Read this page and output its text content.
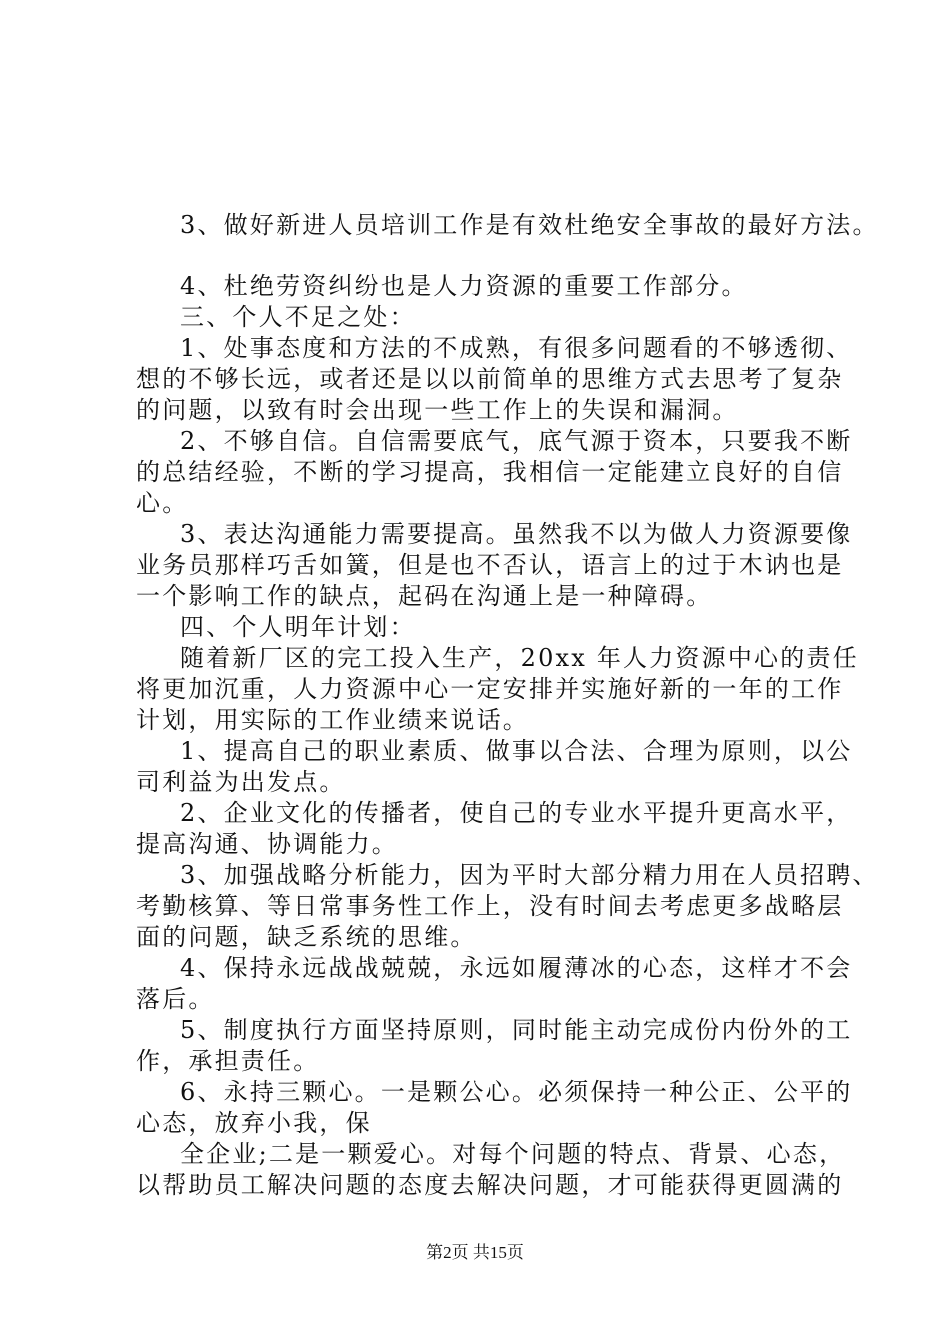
3、做好新进人员培训工作是有效杜绝安全事故的最好方法。
4、杜绝劳资纠纷也是人力资源的重要工作部分。
三、个人不足之处：
1、处事态度和方法的不成熟，有很多问题看的不够透彻、
想的不够长远，或者还是以以前简单的思维方式去思考了复杂
的问题，以致有时会出现一些工作上的失误和漏洞。
2、不够自信。自信需要底气，底气源于资本，只要我不断
的总结经验，不断的学习提高，我相信一定能建立良好的自信
心。
3、表达沟通能力需要提高。虽然我不以为做人力资源要像
业务员那样巧舌如簧，但是也不否认，语言上的过于木讷也是
一个影响工作的缺点，起码在沟通上是一种障碍。
四、个人明年计划：
随着新厂区的完工投入生产，20xx 年人力资源中心的责任
将更加沉重，人力资源中心一定安排并实施好新的一年的工作
计划，用实际的工作业绩来说话。
1、提高自己的职业素质、做事以合法、合理为原则，以公
司利益为出发点。
2、企业文化的传播者，使自己的专业水平提升更高水平，
提高沟通、协调能力。
3、加强战略分析能力，因为平时大部分精力用在人员招聘、
考勤核算、等日常事务性工作上，没有时间去考虑更多战略层
面的问题，缺乏系统的思维。
4、保持永远战战兢兢，永远如履薄冰的心态，这样才不会
落后。
5、制度执行方面坚持原则，同时能主动完成份内份外的工
作，承担责任。
6、永持三颗心。一是颗公心。必须保持一种公正、公平的
心态，放弃小我，保
全企业;二是一颗爱心。对每个问题的特点、背景、心态，
以帮助员工解决问题的态度去解决问题，才可能获得更圆满的
第2页 共15页
